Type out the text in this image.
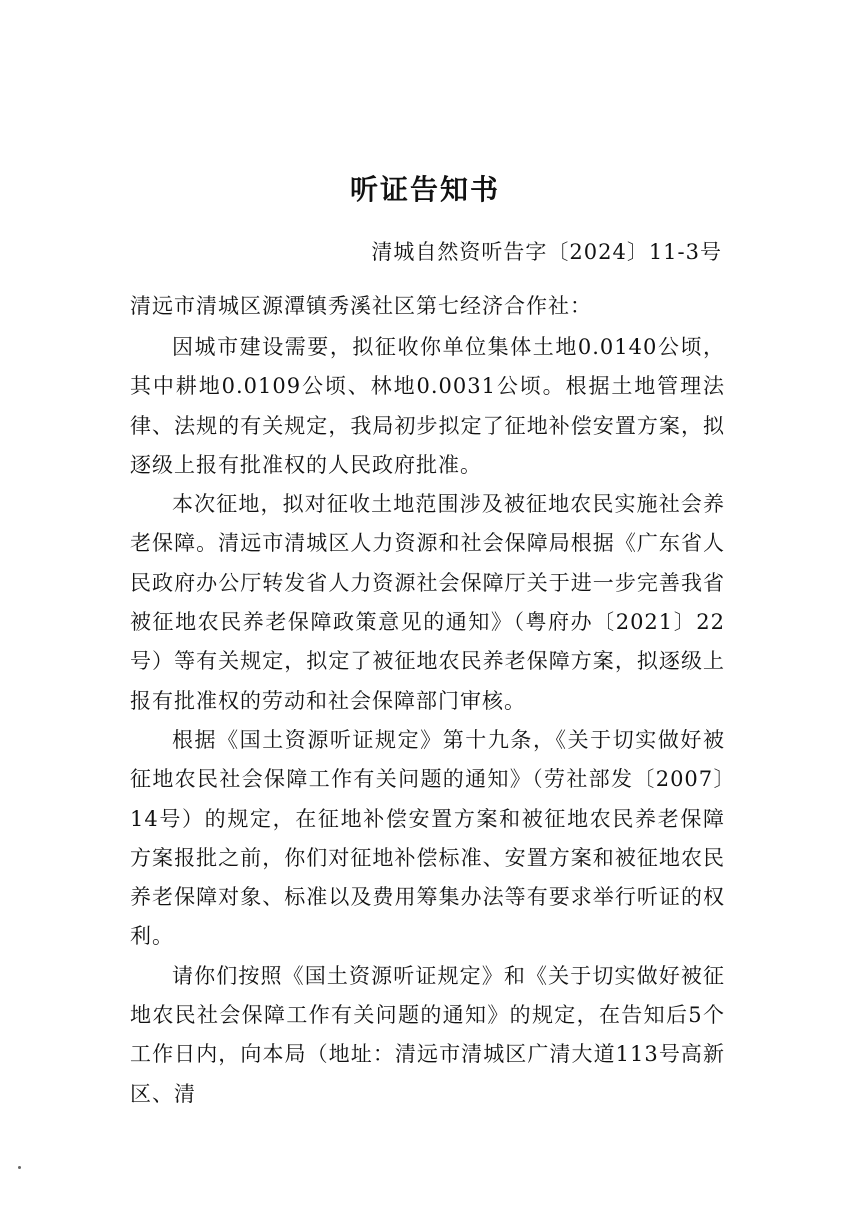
听证告知书
清城自然资听告字〔2024〕11-3号
清远市清城区源潭镇秀溪社区第七经济合作社：

因城市建设需要，拟征收你单位集体土地0.0140公顷，其中耕地0.0109公顷、林地0.0031公顷。根据土地管理法律、法规的有关规定，我局初步拟定了征地补偿安置方案，拟逐级上报有批准权的人民政府批准。

本次征地，拟对征收土地范围涉及被征地农民实施社会养老保障。清远市清城区人力资源和社会保障局根据《广东省人民政府办公厅转发省人力资源社会保障厅关于进一步完善我省被征地农民养老保障政策意见的通知》（粤府办〔2021〕22号）等有关规定，拟定了被征地农民养老保障方案，拟逐级上报有批准权的劳动和社会保障部门审核。

根据《国土资源听证规定》第十九条，《关于切实做好被征地农民社会保障工作有关问题的通知》（劳社部发〔2007〕14号）的规定，在征地补偿安置方案和被征地农民养老保障方案报批之前，你们对征地补偿标准、安置方案和被征地农民养老保障对象、标准以及费用筹集办法等有要求举行听证的权利。

请你们按照《国土资源听证规定》和《关于切实做好被征地农民社会保障工作有关问题的通知》的规定，在告知后5个工作日内，向本局（地址：清远市清城区广清大道113号高新区、清
